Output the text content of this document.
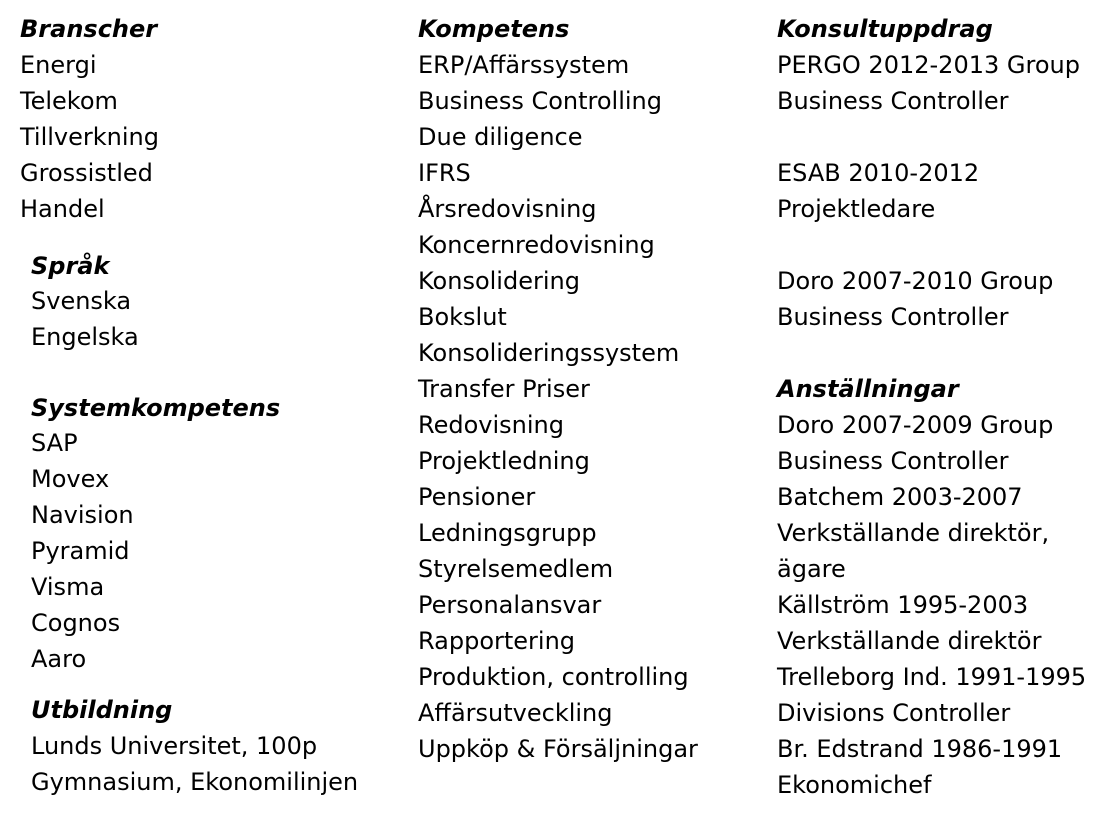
Branscher
Energi
Telekom
Tillverkning
Grossistled
Handel
Språk
Svenska
Engelska
Systemkompetens
SAP
Movex
Navision
Pyramid
Visma
Cognos
Aaro
Utbildning
Lunds Universitet, 100p
Gymnasium, Ekonomilinjen
Kompetens
ERP/Affärssystem
Business Controlling
Due diligence
IFRS
Årsredovisning
Koncernredovisning
Konsolidering
Bokslut
Konsolideringssystem
Transfer Priser
Redovisning
Projektledning
Pensioner
Ledningsgrupp
Styrelsemedlem
Personalansvar
Rapportering
Produktion, controlling
Affärsutveckling
Uppköp & Försäljningar
Konsultuppdrag
PERGO 2012-2013 Group
Business Controller
ESAB 2010-2012
Projektledare
Doro 2007-2010 Group
Business Controller
Anställningar
Doro 2007-2009 Group
Business Controller
Batchem 2003-2007
Verkställande direktör,
ägare
Källström 1995-2003
Verkställande direktör
Trelleborg Ind. 1991-1995
Divisions Controller
Br. Edstrand 1986-1991
Ekonomichef
